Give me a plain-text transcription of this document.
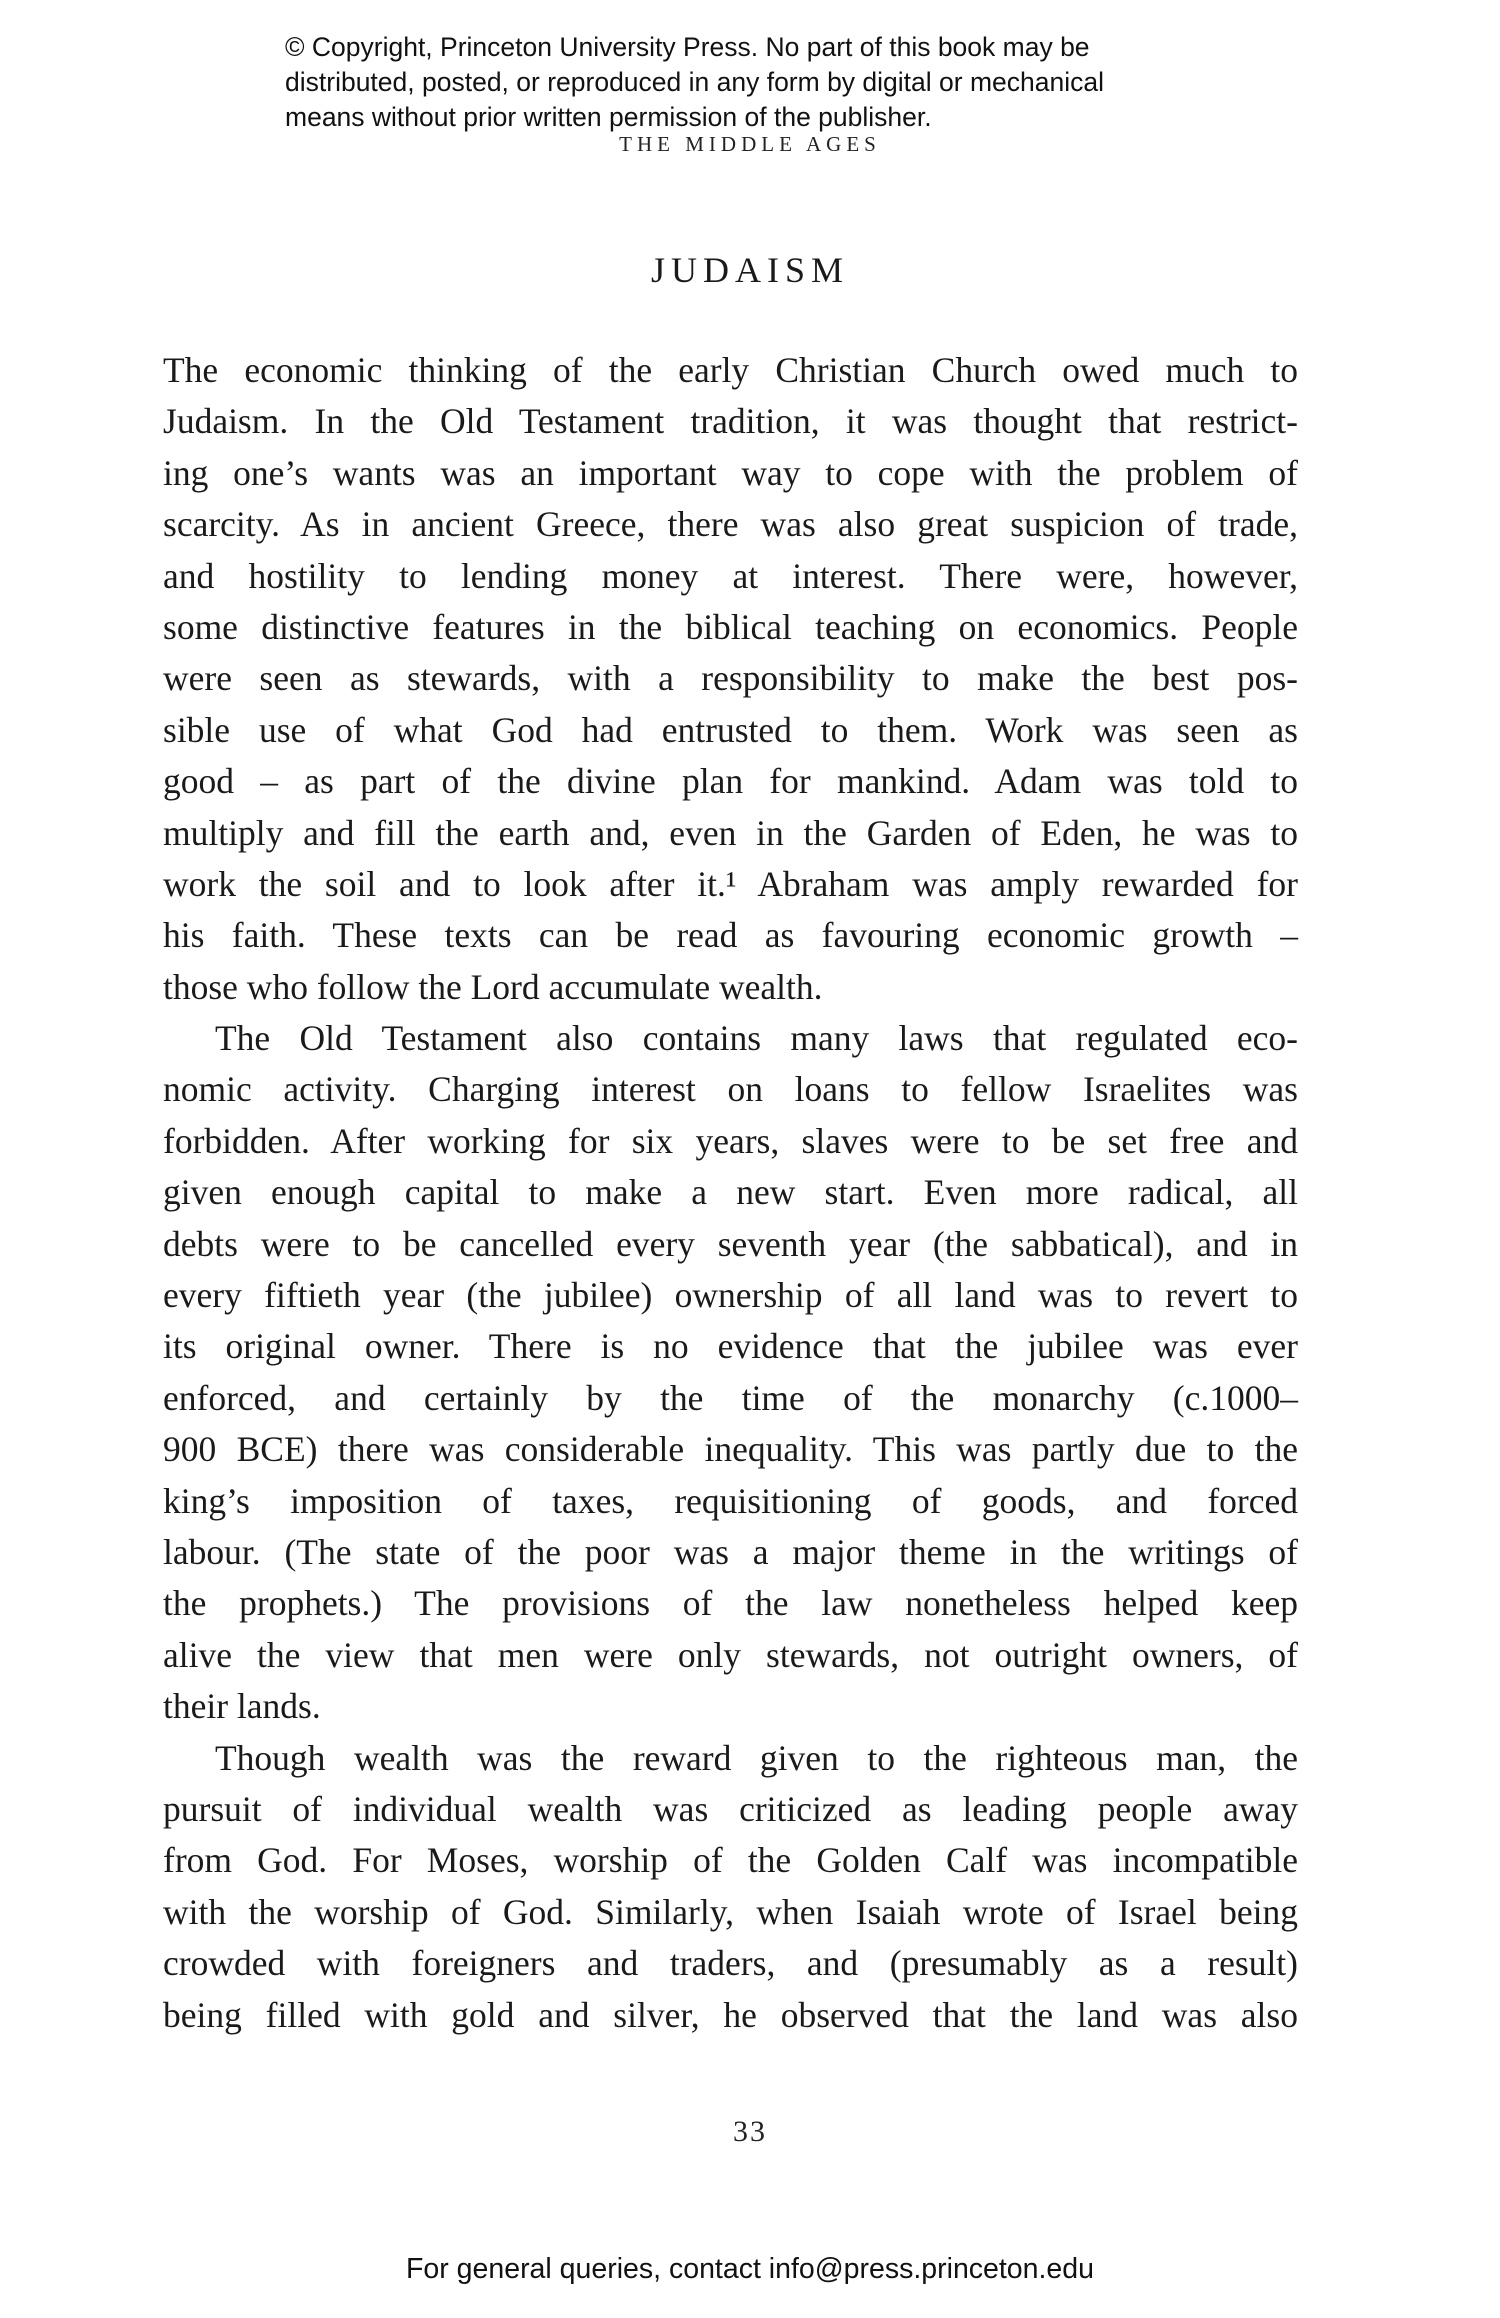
© Copyright, Princeton University Press. No part of this book may be
distributed, posted, or reproduced in any form by digital or mechanical
means without prior written permission of the publisher.
THE MIDDLE AGES
JUDAISM
The economic thinking of the early Christian Church owed much to
Judaism. In the Old Testament tradition, it was thought that restrict-
ing one’s wants was an important way to cope with the problem of
scarcity. As in ancient Greece, there was also great suspicion of trade,
and hostility to lending money at interest. There were, however,
some distinctive features in the biblical teaching on economics. People
were seen as stewards, with a responsibility to make the best pos-
sible use of what God had entrusted to them. Work was seen as
good – as part of the divine plan for mankind. Adam was told to
multiply and fill the earth and, even in the Garden of Eden, he was to
work the soil and to look after it.¹ Abraham was amply rewarded for
his faith. These texts can be read as favouring economic growth –
those who follow the Lord accumulate wealth.
The Old Testament also contains many laws that regulated eco-
nomic activity. Charging interest on loans to fellow Israelites was
forbidden. After working for six years, slaves were to be set free and
given enough capital to make a new start. Even more radical, all
debts were to be cancelled every seventh year (the sabbatical), and in
every fiftieth year (the jubilee) ownership of all land was to revert to
its original owner. There is no evidence that the jubilee was ever
enforced, and certainly by the time of the monarchy (c.1000–
900 BCE) there was considerable inequality. This was partly due to the
king’s imposition of taxes, requisitioning of goods, and forced
labour. (The state of the poor was a major theme in the writings of
the prophets.) The provisions of the law nonetheless helped keep
alive the view that men were only stewards, not outright owners, of
their lands.
Though wealth was the reward given to the righteous man, the
pursuit of individual wealth was criticized as leading people away
from God. For Moses, worship of the Golden Calf was incompatible
with the worship of God. Similarly, when Isaiah wrote of Israel being
crowded with foreigners and traders, and (presumably as a result)
being filled with gold and silver, he observed that the land was also
33
For general queries, contact info@press.princeton.edu
